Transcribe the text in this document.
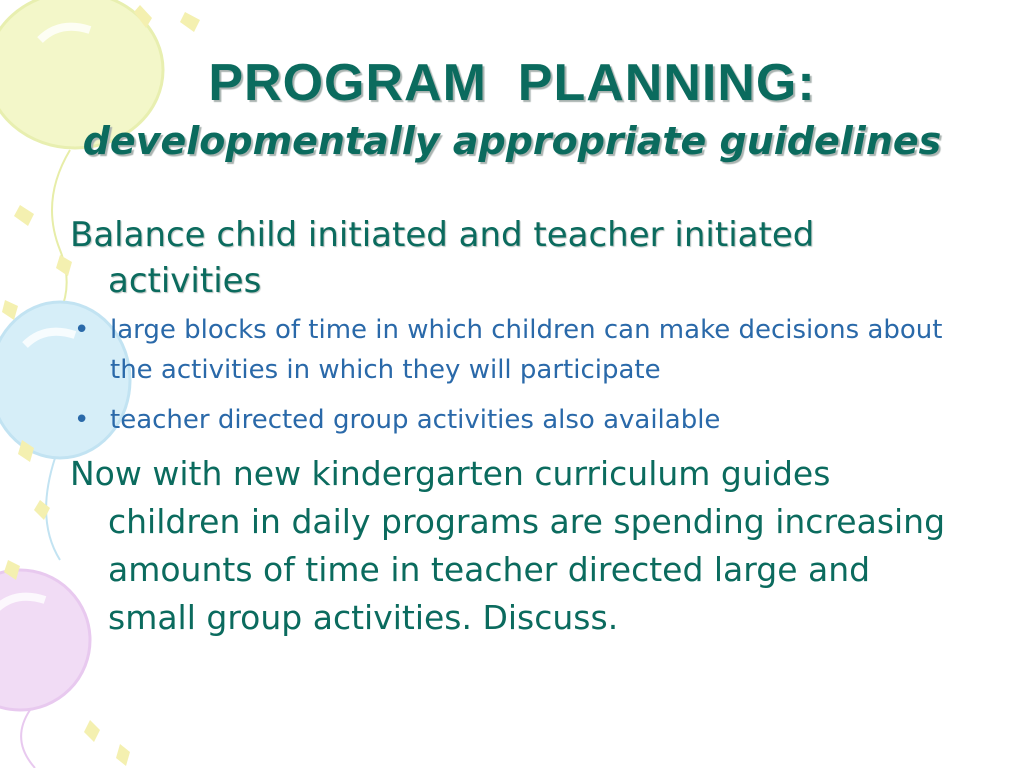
PROGRAM  PLANNING:
developmentally appropriate guidelines

Balance child initiated and teacher initiated activities

• large blocks of time in which children can make decisions about the activities in which they will participate
• teacher directed group activities also available

Now with new kindergarten curriculum guides children in daily programs are spending increasing amounts of time in teacher directed large and small group activities. Discuss.
